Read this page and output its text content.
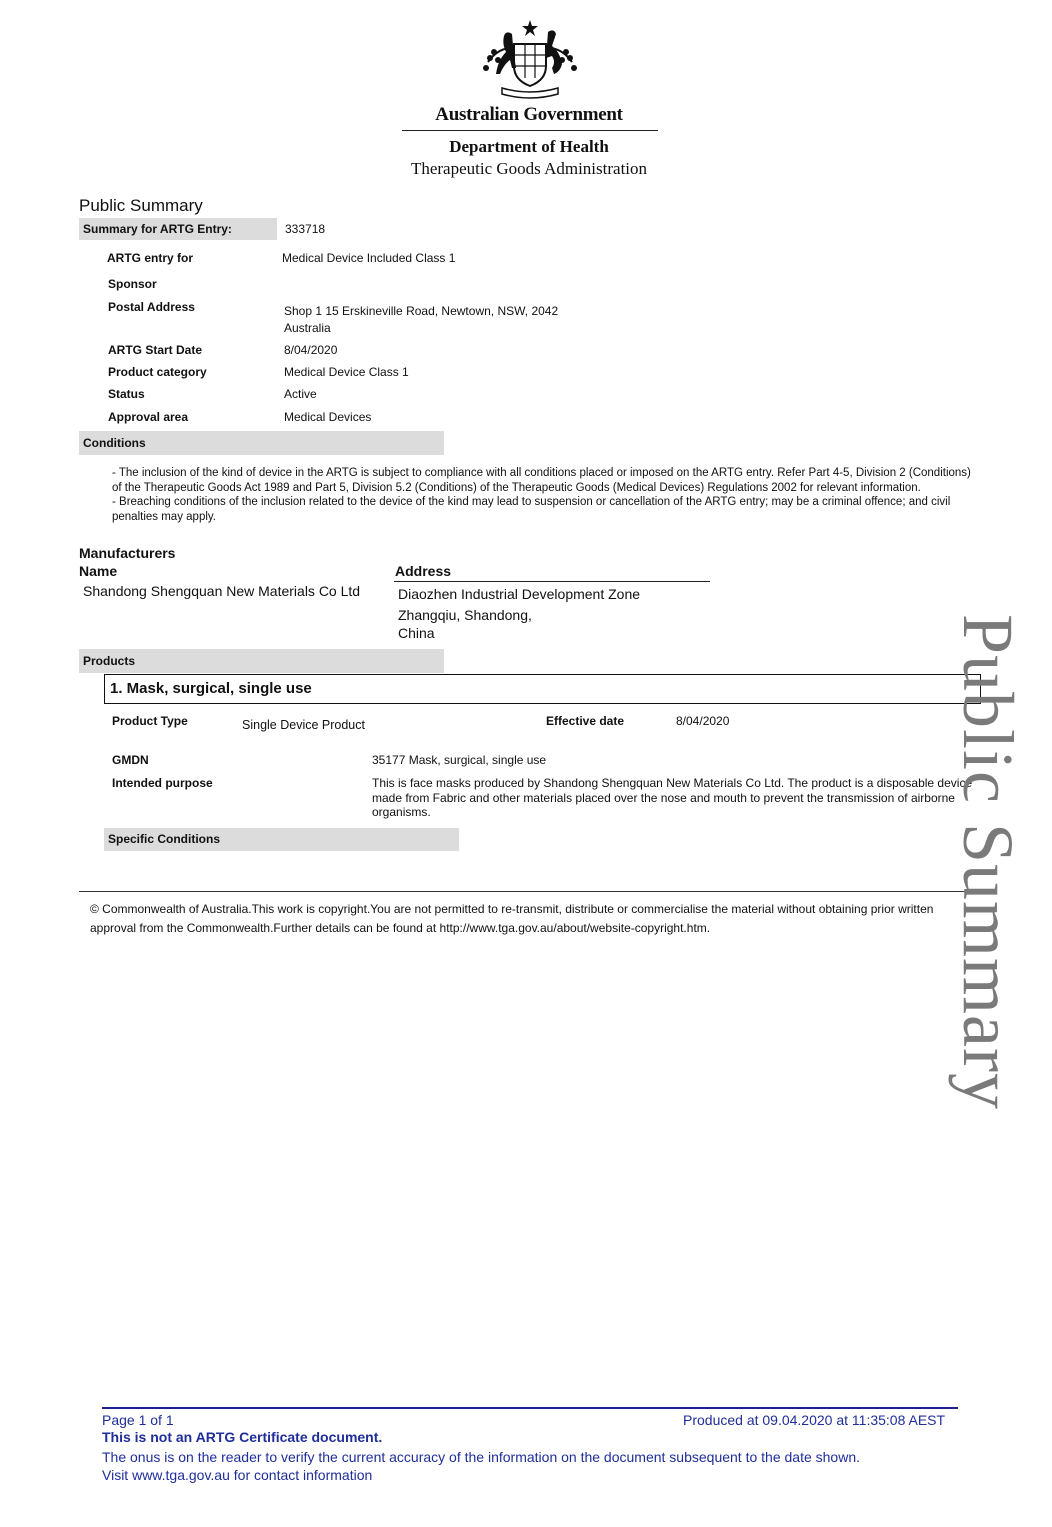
Australian Government
Department of Health
Therapeutic Goods Administration
Public Summary
Summary for ARTG Entry:	333718
ARTG entry for	Medical Device Included Class 1
Sponsor
Postal Address	Shop 1 15 Erskineville Road, Newtown, NSW, 2042
Australia
ARTG Start Date	8/04/2020
Product category	Medical Device Class 1
Status	Active
Approval area	Medical Devices
Conditions
- The inclusion of the kind of device in the ARTG is subject to compliance with all conditions placed or imposed on the ARTG entry. Refer Part 4-5, Division 2 (Conditions) of the Therapeutic Goods Act 1989 and Part 5, Division 5.2 (Conditions) of the Therapeutic Goods (Medical Devices) Regulations 2002 for relevant information.
- Breaching conditions of the inclusion related to the device of the kind may lead to suspension or cancellation of the ARTG entry; may be a criminal offence; and civil penalties may apply.
Manufacturers
Name	Address
Shandong Shengquan New Materials Co Ltd	Diaozhen Industrial Development Zone
Zhangqiu, Shandong,
China
Products
1. Mask, surgical, single use
Product Type	Single Device Product	Effective date	8/04/2020
GMDN	35177 Mask, surgical, single use
Intended purpose	This is face masks produced by Shandong Shengquan New Materials Co Ltd. The product is a disposable device made from Fabric and other materials placed over the nose and mouth to prevent the transmission of airborne organisms.
Specific Conditions
© Commonwealth of Australia.This work is copyright.You are not permitted to re-transmit, distribute or commercialise the material without obtaining prior written approval from the Commonwealth.Further details can be found at http://www.tga.gov.au/about/website-copyright.htm.	Public Summary
Page 1 of 1	Produced at 09.04.2020 at 11:35:08 AEST
This is not an ARTG Certificate document.
The onus is on the reader to verify the current accuracy of the information on the document subsequent to the date shown.
Visit www.tga.gov.au for contact information
